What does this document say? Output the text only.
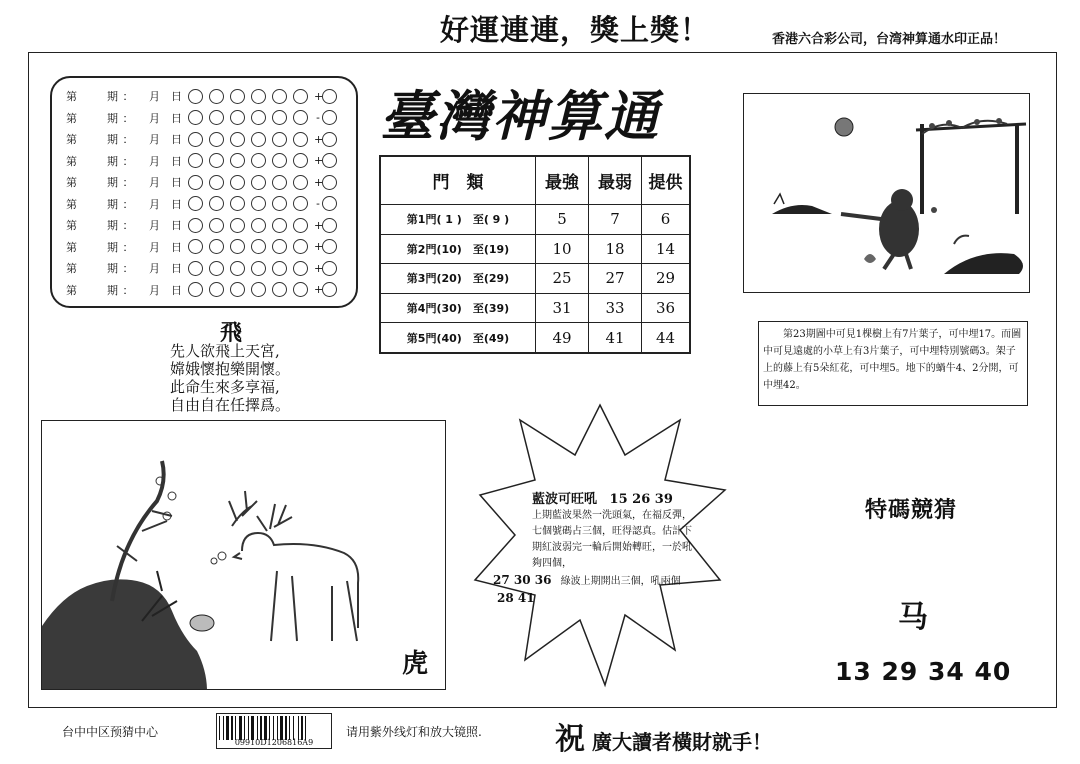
好運連連，獎上獎！	香港六合彩公司，台湾神算通水印正品！
臺灣神算通
第	期 ：	月	日	+
第	期 ：	月	日	-
第	期 ：	月	日	+
第	期 ：	月	日	+
第	期 ：	月	日	+
第	期 ：	月	日	-
第	期 ：	月	日	+
第	期 ：	月	日	+
第	期 ：	月	日	+
第	期 ：	月	日	+
門　類	最強	最弱	提供
第1門( 1 )　至( 9 )	5	7	6
第2門(10)　至(19)	10	18	14
第3門(20)　至(29)	25	27	29
第4門(30)　至(39)	31	33	36
第5門(40)　至(49)	49	41	44
飛
先人欲飛上天宮,
嫦娥懷抱樂開懷。
此命生來多享福,
自由自在任擇爲。
　　第23期圖中可見1棵樹上有7片葉子，可中埋17。而圖中可見遠處的小草上有3片葉子，可中埋特別號碼3。架子上的藤上有5朵紅花，可中埋5。地下的蝸牛4、2分開，可中埋42。
虎
藍波可旺吼 15 26 39
上期藍波果然一洗頭氣，在福反彈，七個號碼占三個，旺得認真。估計下期紅波弱完一輪后開始轉旺，一於吼夠四個，
27 30 36 綠波上期開出三個，吼兩個 28 41
特碼競猜
马
13 29 34 40
台中中区预猜中心
09910D1206816A9
请用紫外线灯和放大镜照. 祝 廣大讀者橫財就手！
